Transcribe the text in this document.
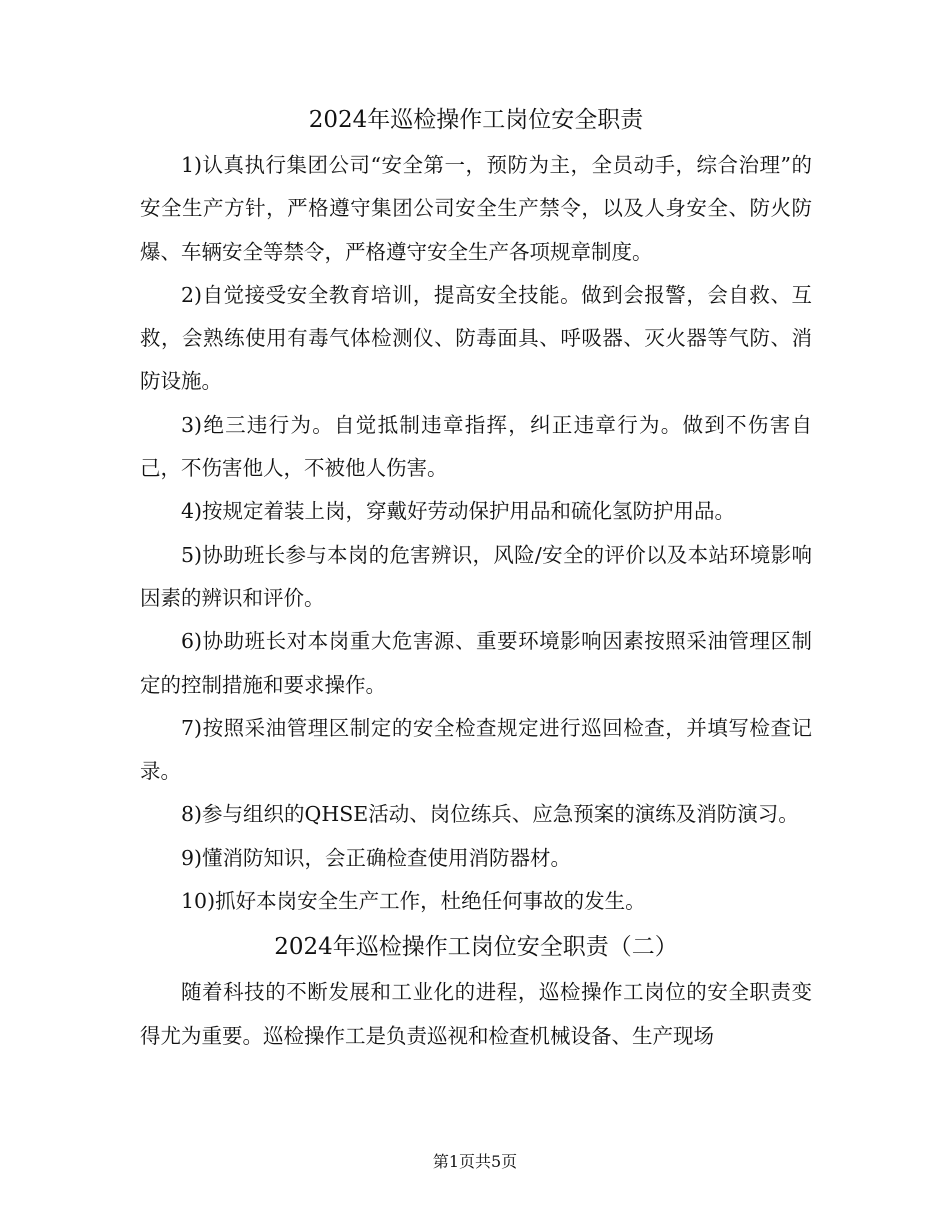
2024年巡检操作工岗位安全职责

1)认真执行集团公司“安全第一，预防为主，全员动手，综合治理”的安全生产方针，严格遵守集团公司安全生产禁令，以及人身安全、防火防爆、车辆安全等禁令，严格遵守安全生产各项规章制度。

2)自觉接受安全教育培训，提高安全技能。做到会报警，会自救、互救，会熟练使用有毒气体检测仪、防毒面具、呼吸器、灭火器等气防、消防设施。

3)绝三违行为。自觉抵制违章指挥，纠正违章行为。做到不伤害自己，不伤害他人，不被他人伤害。

4)按规定着装上岗，穿戴好劳动保护用品和硫化氢防护用品。

5)协助班长参与本岗的危害辨识，风险/安全的评价以及本站环境影响因素的辨识和评价。

6)协助班长对本岗重大危害源、重要环境影响因素按照采油管理区制定的控制措施和要求操作。

7)按照采油管理区制定的安全检查规定进行巡回检查，并填写检查记录。

8)参与组织的QHSE活动、岗位练兵、应急预案的演练及消防演习。

9)懂消防知识，会正确检查使用消防器材。

10)抓好本岗安全生产工作，杜绝任何事故的发生。

2024年巡检操作工岗位安全职责（二）

随着科技的不断发展和工业化的进程，巡检操作工岗位的安全职责变得尤为重要。巡检操作工是负责巡视和检查机械设备、生产现场

第1页共5页
